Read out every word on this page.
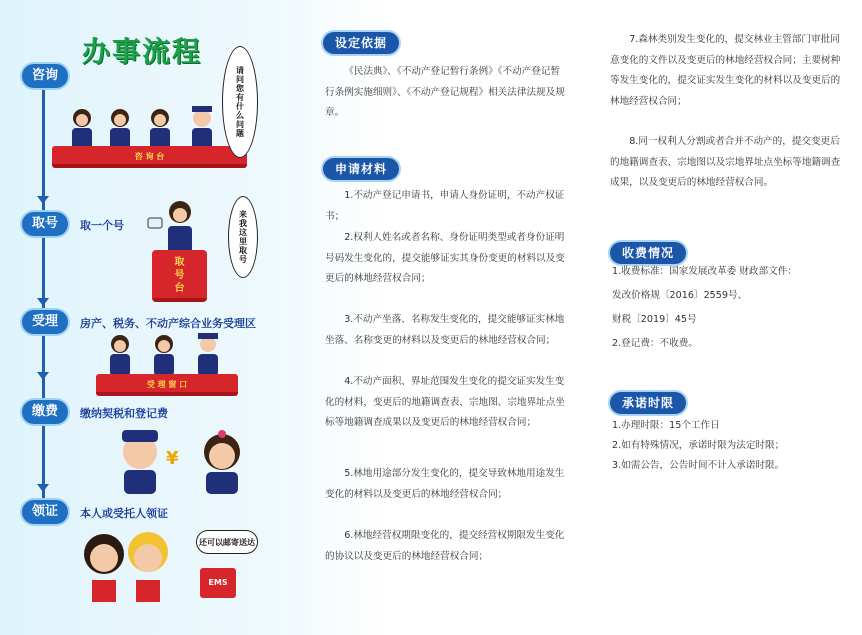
办事流程
咨询
咨 询 台
请问您有什么问题
取号	取一个号
取
号
台
来我这里取号
受理	房产、税务、不动产综合业务受理区
受 理 窗 口
缴费	缴纳契税和登记费
¥
领证	本人或受托人领证
还可以邮寄送达
EMS
设定依据
《民法典》、《不动产登记暂行条例》《不动产登记暂行条例实施细则》、《不动产登记规程》相关法律法规及规章。
申请材料
1.不动产登记申请书，申请人身份证明，不动产权证书；
2.权利人姓名或者名称、身份证明类型或者身份证明号码发生变化的，提交能够证实其身份变更的材料以及变更后的林地经营权合同；
3.不动产坐落、名称发生变化的，提交能够证实林地坐落、名称变更的材料以及变更后的林地经营权合同；
4.不动产面积、界址范围发生变化的提交证实发生变化的材料，变更后的地籍调查表、宗地图、宗地界址点坐标等地籍调查成果以及变更后的林地经营权合同；
5.林地用途部分发生变化的，提交导致林地用途发生变化的材料以及变更后的林地经营权合同；
6.林地经营权期限变化的，提交经营权期限发生变化的协议以及变更后的林地经营权合同；
7.森林类别发生变化的，提交林业主管部门审批同意变化的文件以及变更后的林地经营权合同；主要树种等发生变化的，提交证实发生变化的材料以及变更后的林地经营权合同；
8.同一权利人分割或者合并不动产的，提交变更后的地籍调查表、宗地图以及宗地界址点坐标等地籍调查成果，以及变更后的林地经营权合同。
收费情况
1.收费标准：国家发展改革委 财政部文件：
发改价格规〔2016〕2559号、
财税〔2019〕45号
2.登记费：不收费。
承诺时限
1.办理时限：15个工作日
2.如有特殊情况，承诺时限为法定时限；
3.如需公告，公告时间不计入承诺时限。
